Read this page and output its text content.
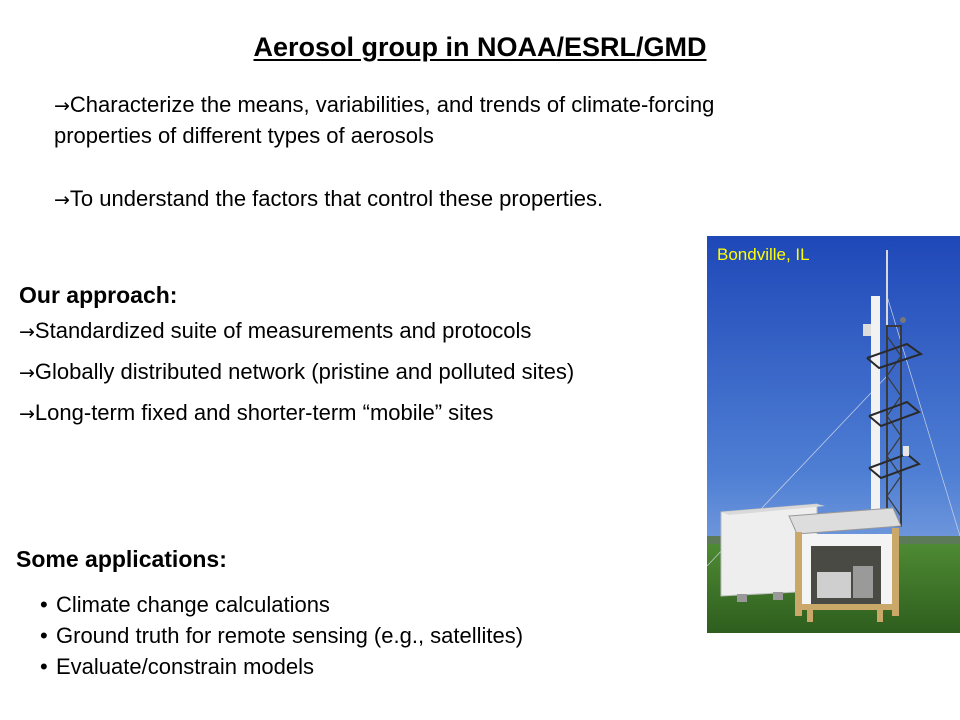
Aerosol group in NOAA/ESRL/GMD
→Characterize the means, variabilities, and trends of climate-forcing
properties of different types of aerosols
→To understand the factors that control these properties.
Our approach:
→Standardized suite of measurements and protocols
→Globally distributed network (pristine and polluted sites)
→Long-term fixed and shorter-term “mobile” sites
Some applications:
• Climate change calculations
• Ground truth for remote sensing (e.g., satellites)
• Evaluate/constrain models
Bondville, IL
